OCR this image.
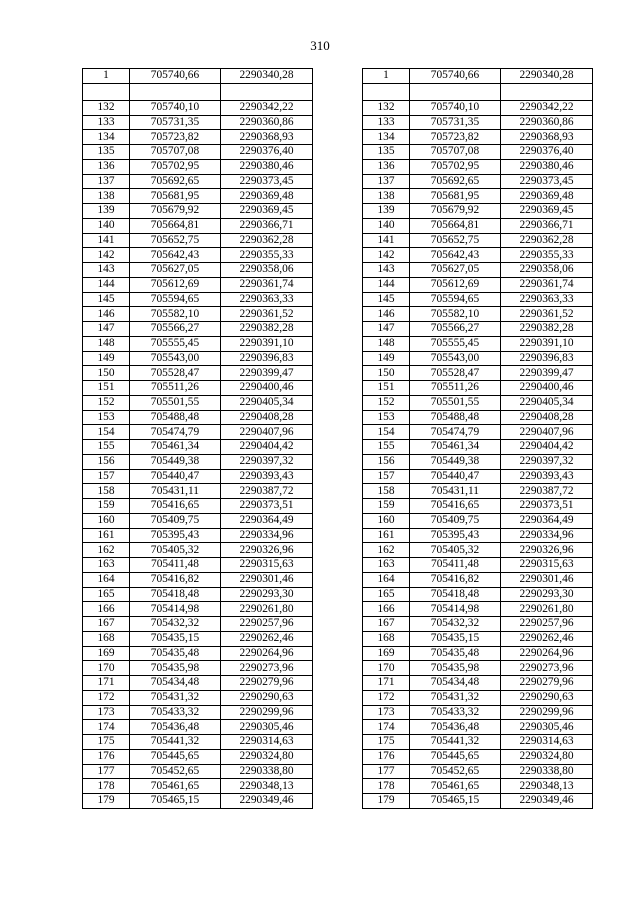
310
1	705740,66	2290340,28		1	705740,66	2290340,28

132	705740,10	2290342,22		132	705740,10	2290342,22
133	705731,35	2290360,86		133	705731,35	2290360,86
134	705723,82	2290368,93		134	705723,82	2290368,93
135	705707,08	2290376,40		135	705707,08	2290376,40
136	705702,95	2290380,46		136	705702,95	2290380,46
137	705692,65	2290373,45		137	705692,65	2290373,45
138	705681,95	2290369,48		138	705681,95	2290369,48
139	705679,92	2290369,45		139	705679,92	2290369,45
140	705664,81	2290366,71		140	705664,81	2290366,71
141	705652,75	2290362,28		141	705652,75	2290362,28
142	705642,43	2290355,33		142	705642,43	2290355,33
143	705627,05	2290358,06		143	705627,05	2290358,06
144	705612,69	2290361,74		144	705612,69	2290361,74
145	705594,65	2290363,33		145	705594,65	2290363,33
146	705582,10	2290361,52		146	705582,10	2290361,52
147	705566,27	2290382,28		147	705566,27	2290382,28
148	705555,45	2290391,10		148	705555,45	2290391,10
149	705543,00	2290396,83		149	705543,00	2290396,83
150	705528,47	2290399,47		150	705528,47	2290399,47
151	705511,26	2290400,46		151	705511,26	2290400,46
152	705501,55	2290405,34		152	705501,55	2290405,34
153	705488,48	2290408,28		153	705488,48	2290408,28
154	705474,79	2290407,96		154	705474,79	2290407,96
155	705461,34	2290404,42		155	705461,34	2290404,42
156	705449,38	2290397,32		156	705449,38	2290397,32
157	705440,47	2290393,43		157	705440,47	2290393,43
158	705431,11	2290387,72		158	705431,11	2290387,72
159	705416,65	2290373,51		159	705416,65	2290373,51
160	705409,75	2290364,49		160	705409,75	2290364,49
161	705395,43	2290334,96		161	705395,43	2290334,96
162	705405,32	2290326,96		162	705405,32	2290326,96
163	705411,48	2290315,63		163	705411,48	2290315,63
164	705416,82	2290301,46		164	705416,82	2290301,46
165	705418,48	2290293,30		165	705418,48	2290293,30
166	705414,98	2290261,80		166	705414,98	2290261,80
167	705432,32	2290257,96		167	705432,32	2290257,96
168	705435,15	2290262,46		168	705435,15	2290262,46
169	705435,48	2290264,96		169	705435,48	2290264,96
170	705435,98	2290273,96		170	705435,98	2290273,96
171	705434,48	2290279,96		171	705434,48	2290279,96
172	705431,32	2290290,63		172	705431,32	2290290,63
173	705433,32	2290299,96		173	705433,32	2290299,96
174	705436,48	2290305,46		174	705436,48	2290305,46
175	705441,32	2290314,63		175	705441,32	2290314,63
176	705445,65	2290324,80		176	705445,65	2290324,80
177	705452,65	2290338,80		177	705452,65	2290338,80
178	705461,65	2290348,13		178	705461,65	2290348,13
179	705465,15	2290349,46		179	705465,15	2290349,46
